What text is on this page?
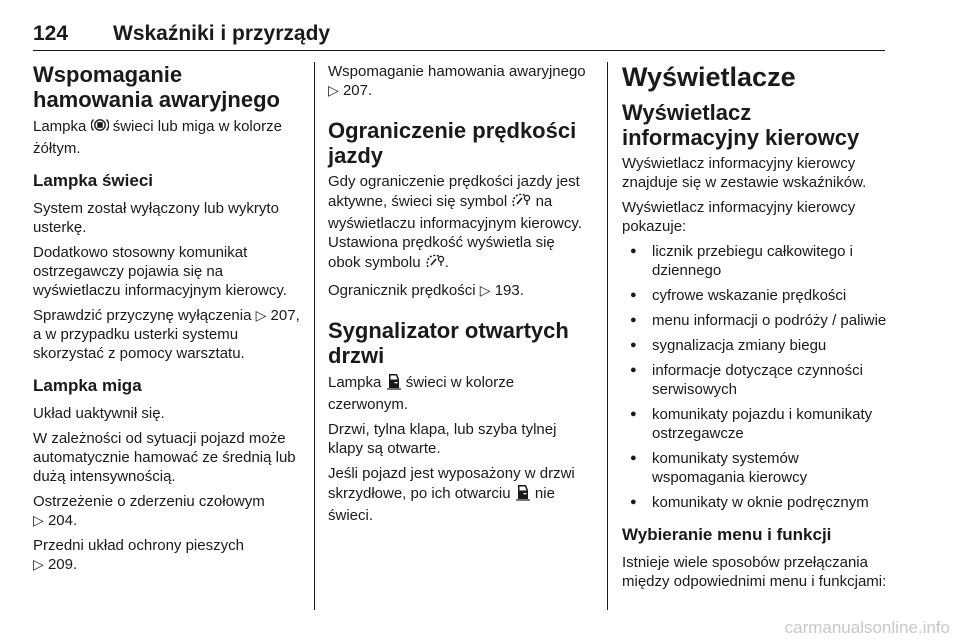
124 Wskaźniki i przyrządy
Wspomaganie hamowania awaryjnego
Lampka  świeci lub miga w kolorze żółtym.
Lampka świeci
System został wyłączony lub wykryto usterkę.
Dodatkowo stosowny komunikat ostrzegawczy pojawia się na wyświetlaczu informacyjnym kierowcy.
Sprawdzić przyczynę wyłączenia ▷ 207, a w przypadku usterki systemu skorzystać z pomocy warsztatu.
Lampka miga
Układ uaktywnił się.
W zależności od sytuacji pojazd może automatycznie hamować ze średnią lub dużą intensywnością.
Ostrzeżenie o zderzeniu czołowym
▷ 204.
Przedni układ ochrony pieszych
▷ 209.
Wspomaganie hamowania awaryjnego ▷ 207.
Ograniczenie prędkości jazdy
Gdy ograniczenie prędkości jazdy jest aktywne, świeci się symbol  na wyświetlaczu informacyjnym kierowcy. Ustawiona prędkość wyświetla się obok symbolu .
Ogranicznik prędkości ▷ 193.
Sygnalizator otwartych drzwi
Lampka  świeci w kolorze czerwonym.
Drzwi, tylna klapa, lub szyba tylnej klapy są otwarte.
Jeśli pojazd jest wyposażony w drzwi skrzydłowe, po ich otwarciu  nie świeci.
Wyświetlacze
Wyświetlacz informacyjny kierowcy
Wyświetlacz informacyjny kierowcy znajduje się w zestawie wskaźników.
Wyświetlacz informacyjny kierowcy pokazuje:
● licznik przebiegu całkowitego i dziennego
● cyfrowe wskazanie prędkości
● menu informacji o podróży / paliwie
● sygnalizacja zmiany biegu
● informacje dotyczące czynności serwisowych
● komunikaty pojazdu i komunikaty ostrzegawcze
● komunikaty systemów wspomagania kierowcy
● komunikaty w oknie podręcznym
Wybieranie menu i funkcji
Istnieje wiele sposobów przełączania między odpowiednimi menu i funkcjami:
carmanualsonline.info
